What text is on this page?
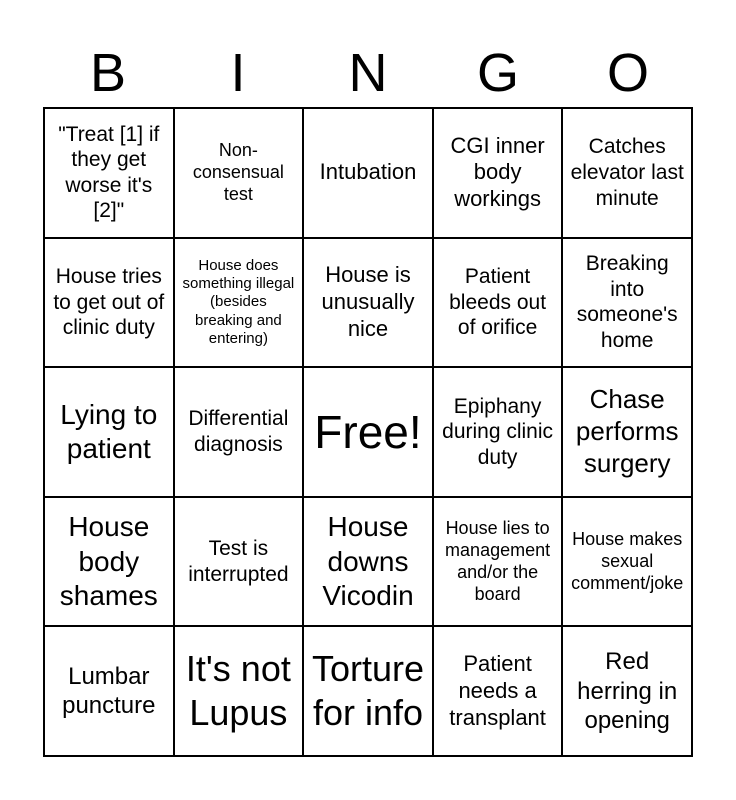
B	I	N	G	O
"Treat [1] if they get worse it's [2]"
Non-consensual test
Intubation
CGI inner body workings
Catches elevator last minute
House tries to get out of clinic duty
House does something illegal (besides breaking and entering)
House is unusually nice
Patient bleeds out of orifice
Breaking into someone's home
Lying to patient
Differential diagnosis Free!	Epiphany during clinic duty
Chase performs surgery
House body shames
Test is interrupted
House downs Vicodin
House lies to management and/or the board
House makes sexual comment/joke
Lumbar puncture
It's not Lupus
Torture for info
Patient needs a transplant
Red herring in opening
